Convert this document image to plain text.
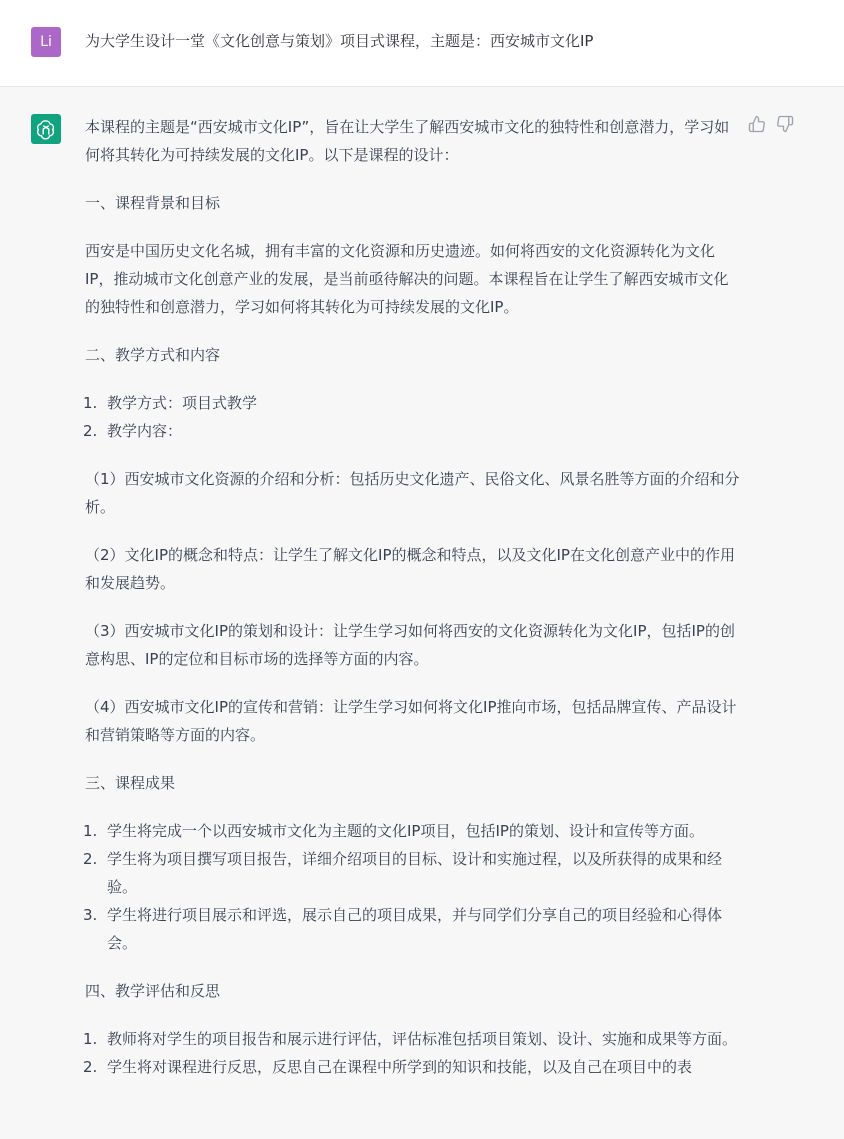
Li	为大学生设计一堂《文化创意与策划》项目式课程，主题是：西安城市文化IP

本课程的主题是“西安城市文化IP”，旨在让大学生了解西安城市文化的独特性和创意潜力，学习如何将其转化为可持续发展的文化IP。以下是课程的设计：

一、课程背景和目标

西安是中国历史文化名城，拥有丰富的文化资源和历史遗迹。如何将西安的文化资源转化为文化IP，推动城市文化创意产业的发展，是当前亟待解决的问题。本课程旨在让学生了解西安城市文化的独特性和创意潜力，学习如何将其转化为可持续发展的文化IP。

二、教学方式和内容
1. 教学方式：项目式教学
2. 教学内容：

（1）西安城市文化资源的介绍和分析：包括历史文化遗产、民俗文化、风景名胜等方面的介绍和分析。

（2）文化IP的概念和特点：让学生了解文化IP的概念和特点，以及文化IP在文化创意产业中的作用和发展趋势。

（3）西安城市文化IP的策划和设计：让学生学习如何将西安的文化资源转化为文化IP，包括IP的创意构思、IP的定位和目标市场的选择等方面的内容。

（4）西安城市文化IP的宣传和营销：让学生学习如何将文化IP推向市场，包括品牌宣传、产品设计和营销策略等方面的内容。

三、课程成果
1. 学生将完成一个以西安城市文化为主题的文化IP项目，包括IP的策划、设计和宣传等方面。
2. 学生将为项目撰写项目报告，详细介绍项目的目标、设计和实施过程，以及所获得的成果和经验。
3. 学生将进行项目展示和评选，展示自己的项目成果，并与同学们分享自己的项目经验和心得体会。
四、教学评估和反思
1. 教师将对学生的项目报告和展示进行评估，评估标准包括项目策划、设计、实施和成果等方面。
2. 学生将对课程进行反思，反思自己在课程中所学到的知识和技能，以及自己在项目中的表
